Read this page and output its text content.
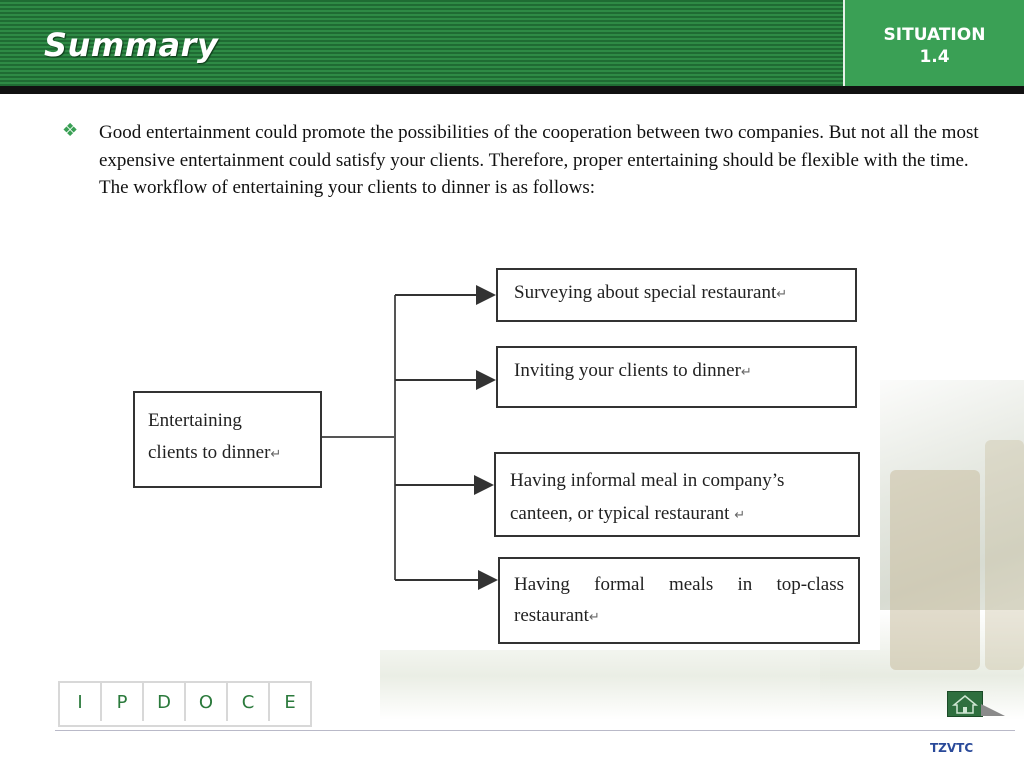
Summary	SITUATION
1.4
❖ Good entertainment could promote the possibilities of the cooperation between two companies. But not all the most expensive entertainment could satisfy your clients. Therefore, proper entertaining should be flexible with the time. The workflow of entertaining your clients to dinner is as follows:
Entertaining
clients to dinner↵
Surveying about special restaurant↵
Inviting your clients to dinner↵
Having informal meal in company’s
canteen, or typical restaurant ↵
Having formal meals in top-class
restaurant↵
I	P	D	O	C	E
TZVTC
